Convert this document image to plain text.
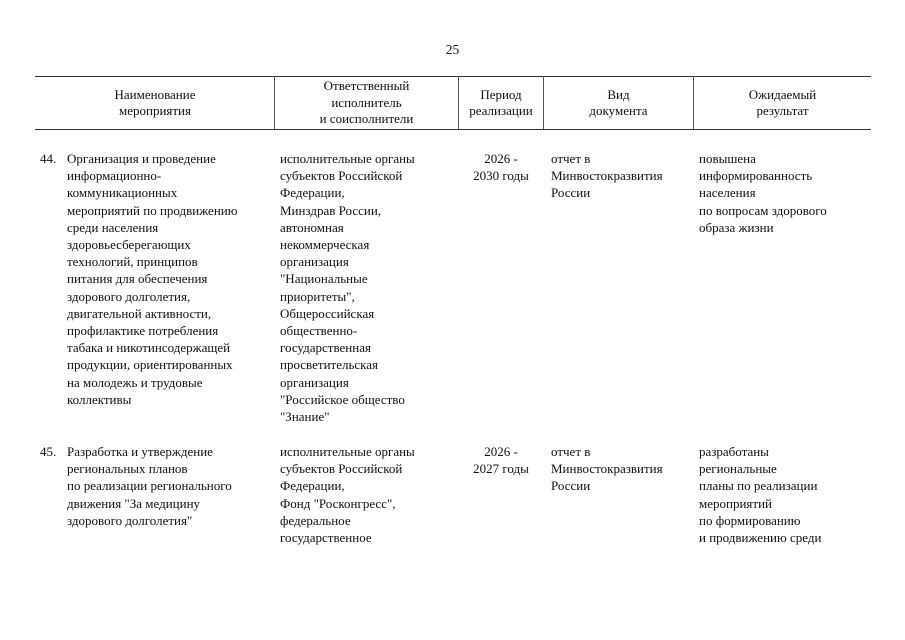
25
Наименование
мероприятия
Ответственный
исполнитель
и соисполнители
Период
реализации
Вид
документа
Ожидаемый
результат
44. Организация и проведение
информационно-
коммуникационных
мероприятий по продвижению
среди населения
здоровьесберегающих
технологий, принципов
питания для обеспечения
здорового долголетия,
двигательной активности,
профилактике потребления
табака и никотинсодержащей
продукции, ориентированных
на молодежь и трудовые
коллективы
исполнительные органы
субъектов Российской
Федерации,
Минздрав России,
автономная
некоммерческая
организация
"Национальные
приоритеты",
Общероссийская
общественно-
государственная
просветительская
организация
"Российское общество
"Знание"
2026 -
2030 годы
отчет в
Минвостокразвития
России
повышена
информированность
населения
по вопросам здорового
образа жизни
45. Разработка и утверждение
региональных планов
по реализации регионального
движения "За медицину
здорового долголетия"
исполнительные органы
субъектов Российской
Федерации,
Фонд "Росконгресс",
федеральное
государственное
2026 -
2027 годы
отчет в
Минвостокразвития
России
разработаны
региональные
планы по реализации
мероприятий
по формированию
и продвижению среди
